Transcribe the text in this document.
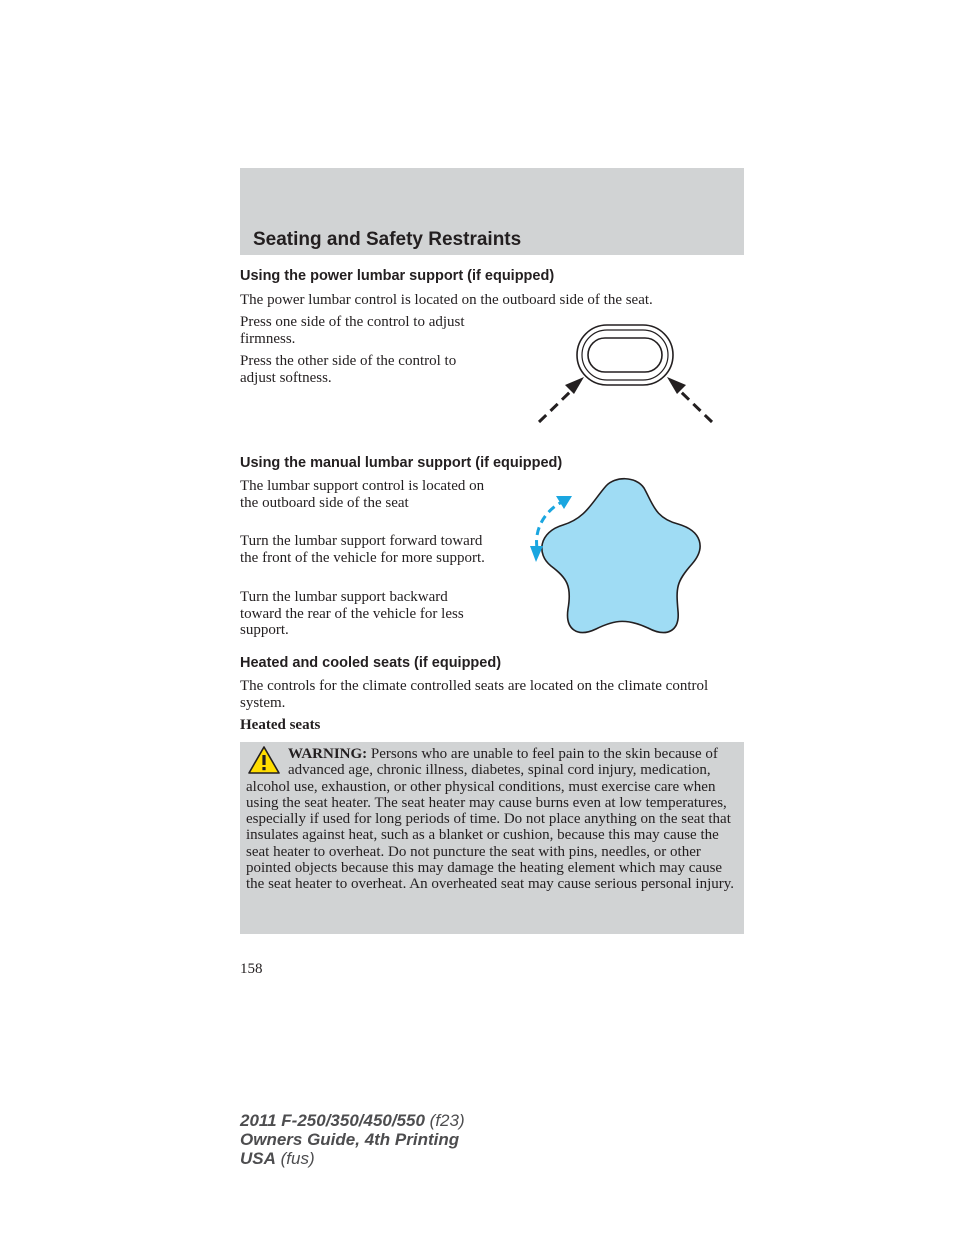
Seating and Safety Restraints
Using the power lumbar support (if equipped)

The power lumbar control is located on the outboard side of the seat.

Press one side of the control to adjust firmness.

Press the other side of the control to adjust softness.

Using the manual lumbar support (if equipped)

The lumbar support control is located on the outboard side of the seat

Turn the lumbar support forward toward the front of the vehicle for more support.

Turn the lumbar support backward toward the rear of the vehicle for less support.

Heated and cooled seats (if equipped)

The controls for the climate controlled seats are located on the climate control system.

Heated seats

WARNING: Persons who are unable to feel pain to the skin because of advanced age, chronic illness, diabetes, spinal cord injury, medication, alcohol use, exhaustion, or other physical conditions, must exercise care when using the seat heater. The seat heater may cause burns even at low temperatures, especially if used for long periods of time. Do not place anything on the seat that insulates against heat, such as a blanket or cushion, because this may cause the seat heater to overheat. Do not puncture the seat with pins, needles, or other pointed objects because this may damage the heating element which may cause the seat heater to overheat. An overheated seat may cause serious personal injury.

158
2011 F-250/350/450/550 (f23)
Owners Guide, 4th Printing
USA (fus)
